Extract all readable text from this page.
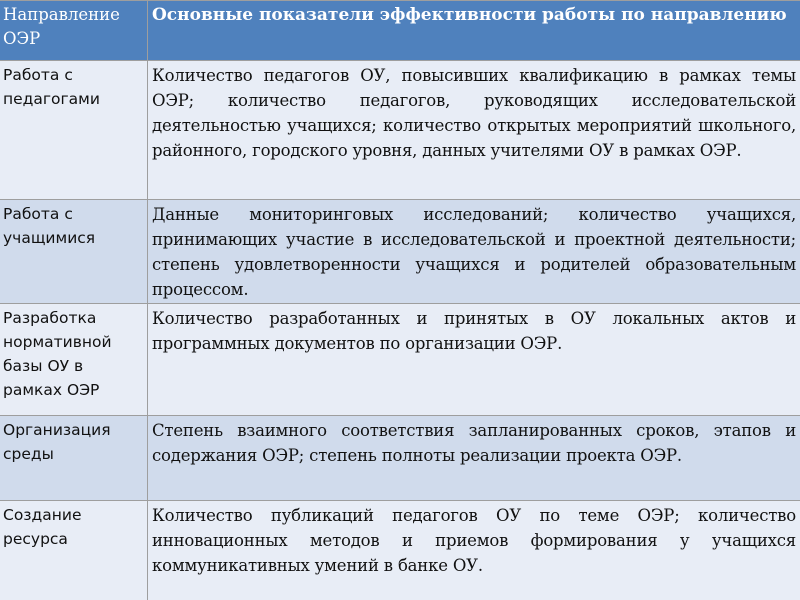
Направление ОЭР	Основные показатели эффективности работы по направлению
Работа с педагогами	Количество педагогов ОУ, повысивших квалификацию в рамках темы ОЭР; количество педагогов, руководящих исследовательской деятельностью учащихся; количество открытых мероприятий школьного, районного, городского уровня, данных учителями ОУ в рамках ОЭР.
Работа с учащимися	Данные мониторинговых исследований; количество учащихся, принимающих участие в исследовательской и проектной деятельности; степень удовлетворенности учащихся и родителей образовательным процессом.
Разработка нормативной базы ОУ в рамках ОЭР	Количество разработанных и принятых в ОУ локальных актов и программных документов по организации ОЭР.
Организация среды	Степень взаимного соответствия запланированных сроков, этапов и содержания ОЭР; степень полноты реализации проекта ОЭР.
Создание ресурса	Количество публикаций педагогов ОУ по теме ОЭР; количество инновационных методов и приемов формирования у учащихся коммуникативных умений в банке ОУ.
